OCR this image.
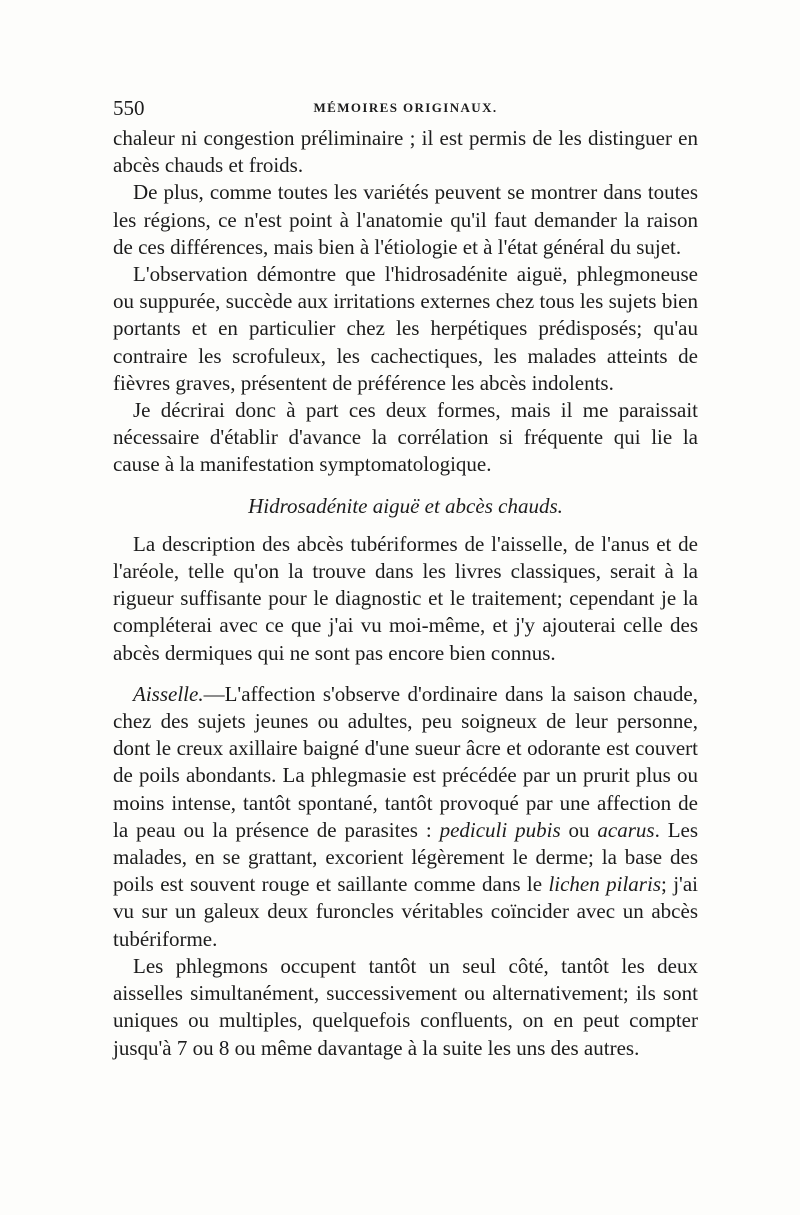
550	MÉMOIRES ORIGINAUX.

chaleur ni congestion préliminaire ; il est permis de les distinguer en abcès chauds et froids.

De plus, comme toutes les variétés peuvent se montrer dans toutes les régions, ce n'est point à l'anatomie qu'il faut demander la raison de ces différences, mais bien à l'étiologie et à l'état général du sujet.

L'observation démontre que l'hidrosadénite aiguë, phlegmoneuse ou suppurée, succède aux irritations externes chez tous les sujets bien portants et en particulier chez les herpétiques prédisposés; qu'au contraire les scrofuleux, les cachectiques, les malades atteints de fièvres graves, présentent de préférence les abcès indolents.

Je décrirai donc à part ces deux formes, mais il me paraissait nécessaire d'établir d'avance la corrélation si fréquente qui lie la cause à la manifestation symptomatologique.

Hidrosadénite aiguë et abcès chauds.

La description des abcès tubériformes de l'aisselle, de l'anus et de l'aréole, telle qu'on la trouve dans les livres classiques, serait à la rigueur suffisante pour le diagnostic et le traitement; cependant je la compléterai avec ce que j'ai vu moi-même, et j'y ajouterai celle des abcès dermiques qui ne sont pas encore bien connus.

Aisselle.—L'affection s'observe d'ordinaire dans la saison chaude, chez des sujets jeunes ou adultes, peu soigneux de leur personne, dont le creux axillaire baigné d'une sueur âcre et odorante est couvert de poils abondants. La phlegmasie est précédée par un prurit plus ou moins intense, tantôt spontané, tantôt provoqué par une affection de la peau ou la présence de parasites : pediculi pubis ou acarus. Les malades, en se grattant, excorient légèrement le derme; la base des poils est souvent rouge et saillante comme dans le lichen pilaris; j'ai vu sur un galeux deux furoncles véritables coïncider avec un abcès tubériforme.

Les phlegmons occupent tantôt un seul côté, tantôt les deux aisselles simultanément, successivement ou alternativement; ils sont uniques ou multiples, quelquefois confluents, on en peut compter jusqu'à 7 ou 8 ou même davantage à la suite les uns des autres.
